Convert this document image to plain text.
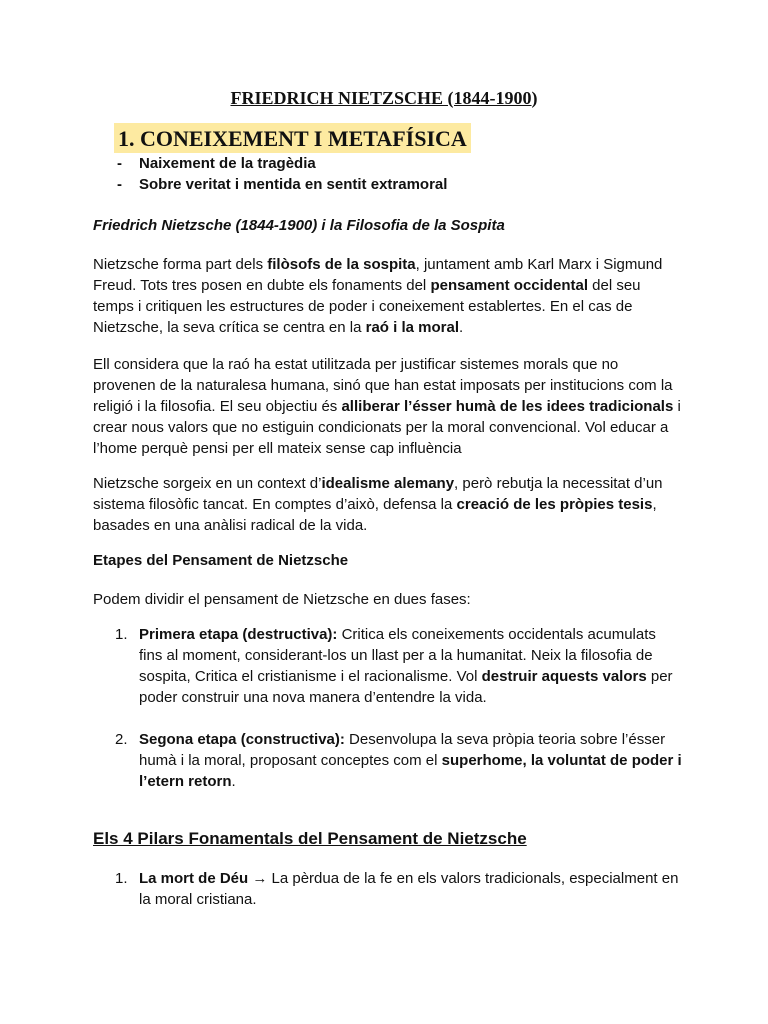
FRIEDRICH NIETZSCHE (1844-1900)
1. CONEIXEMENT I METAFÍSICA
- Naixement de la tragèdia
- Sobre veritat i mentida en sentit extramoral
Friedrich Nietzsche (1844-1900) i la Filosofia de la Sospita

Nietzsche forma part dels filòsofs de la sospita, juntament amb Karl Marx i Sigmund Freud. Tots tres posen en dubte els fonaments del pensament occidental del seu temps i critiquen les estructures de poder i coneixement establertes. En el cas de Nietzsche, la seva crítica se centra en la raó i la moral.

Ell considera que la raó ha estat utilitzada per justificar sistemes morals que no provenen de la naturalesa humana, sinó que han estat imposats per institucions com la religió i la filosofia. El seu objectiu és alliberar l’ésser humà de les idees tradicionals i crear nous valors que no estiguin condicionats per la moral convencional. Vol educar a l’home perquè pensi per ell mateix sense cap influència

Nietzsche sorgeix en un context d’idealisme alemany, però rebutja la necessitat d’un sistema filosòfic tancat. En comptes d’això, defensa la creació de les pròpies tesis, basades en una anàlisi radical de la vida.

Etapes del Pensament de Nietzsche

Podem dividir el pensament de Nietzsche en dues fases:

1. Primera etapa (destructiva): Critica els coneixements occidentals acumulats fins al moment, considerant-los un llast per a la humanitat. Neix la filosofia de sospita, Critica el cristianisme i el racionalisme. Vol destruir aquests valors per poder construir una nova manera d’entendre la vida.
2. Segona etapa (constructiva): Desenvolupa la seva pròpia teoria sobre l’ésser humà i la moral, proposant conceptes com el superhome, la voluntat de poder i l’etern retorn.
Els 4 Pilars Fonamentals del Pensament de Nietzsche
1. La mort de Déu → La pèrdua de la fe en els valors tradicionals, especialment en la moral cristiana.
